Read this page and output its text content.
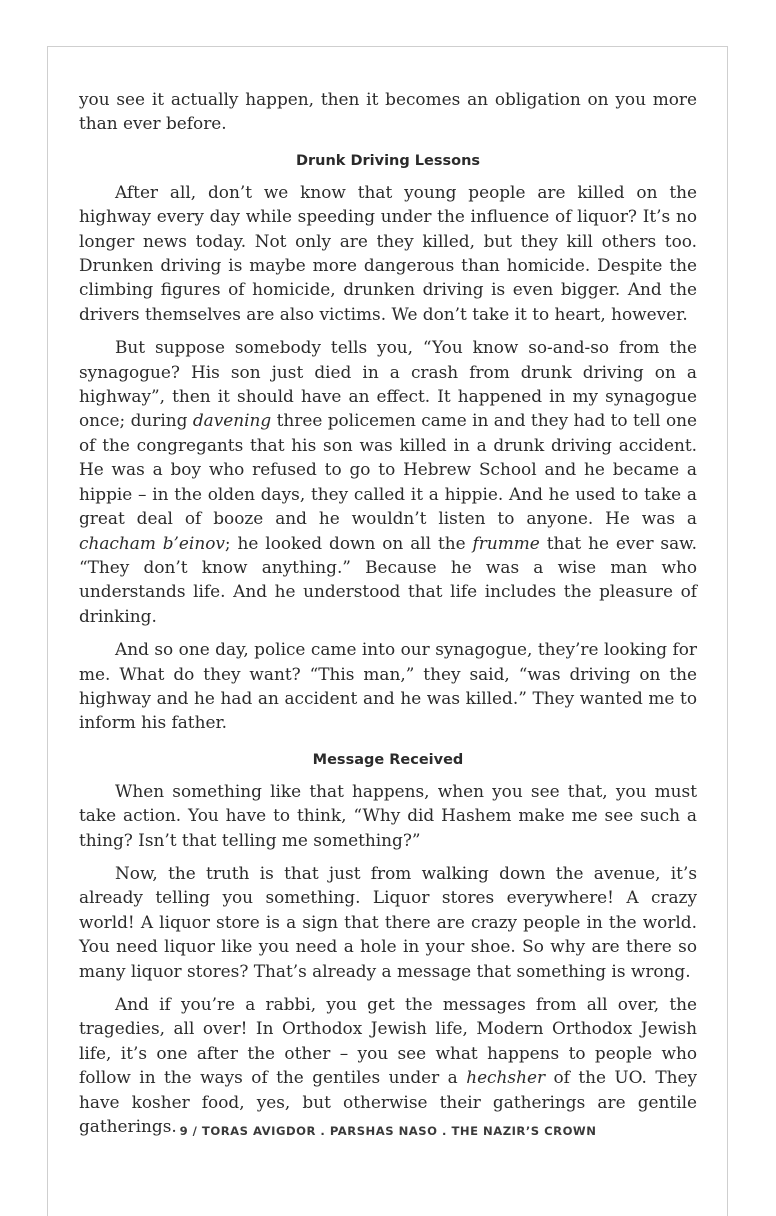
you see it actually happen, then it becomes an obligation on you more than ever before.

Drunk Driving Lessons

After all, don’t we know that young people are killed on the highway every day while speeding under the influence of liquor? It’s no longer news today. Not only are they killed, but they kill others too. Drunken driving is maybe more dangerous than homicide. Despite the climbing figures of homicide, drunken driving is even bigger. And the drivers themselves are also victims. We don’t take it to heart, however.

But suppose somebody tells you, “You know so-and-so from the synagogue? His son just died in a crash from drunk driving on a highway”, then it should have an effect. It happened in my synagogue once; during davening three policemen came in and they had to tell one of the congregants that his son was killed in a drunk driving accident. He was a boy who refused to go to Hebrew School and he became a hippie – in the olden days, they called it a hippie. And he used to take a great deal of booze and he wouldn’t listen to anyone. He was a chacham b’einov; he looked down on all the frumme that he ever saw. “They don’t know anything.” Because he was a wise man who understands life. And he understood that life includes the pleasure of drinking.

And so one day, police came into our synagogue, they’re looking for me. What do they want? “This man,” they said, “was driving on the highway and he had an accident and he was killed.” They wanted me to inform his father.

Message Received

When something like that happens, when you see that, you must take action. You have to think, “Why did Hashem make me see such a thing? Isn’t that telling me something?”

Now, the truth is that just from walking down the avenue, it’s already telling you something. Liquor stores everywhere! A crazy world! A liquor store is a sign that there are crazy people in the world. You need liquor like you need a hole in your shoe. So why are there so many liquor stores? That’s already a message that something is wrong.

And if you’re a rabbi, you get the messages from all over, the tragedies, all over! In Orthodox Jewish life, Modern Orthodox Jewish life, it’s one after the other – you see what happens to people who follow in the ways of the gentiles under a hechsher of the UO. They have kosher food, yes, but otherwise their gatherings are gentile gatherings. 9 / TORAS AVIGDOR . PARSHAS NASO . THE NAZIR’S CROWN
